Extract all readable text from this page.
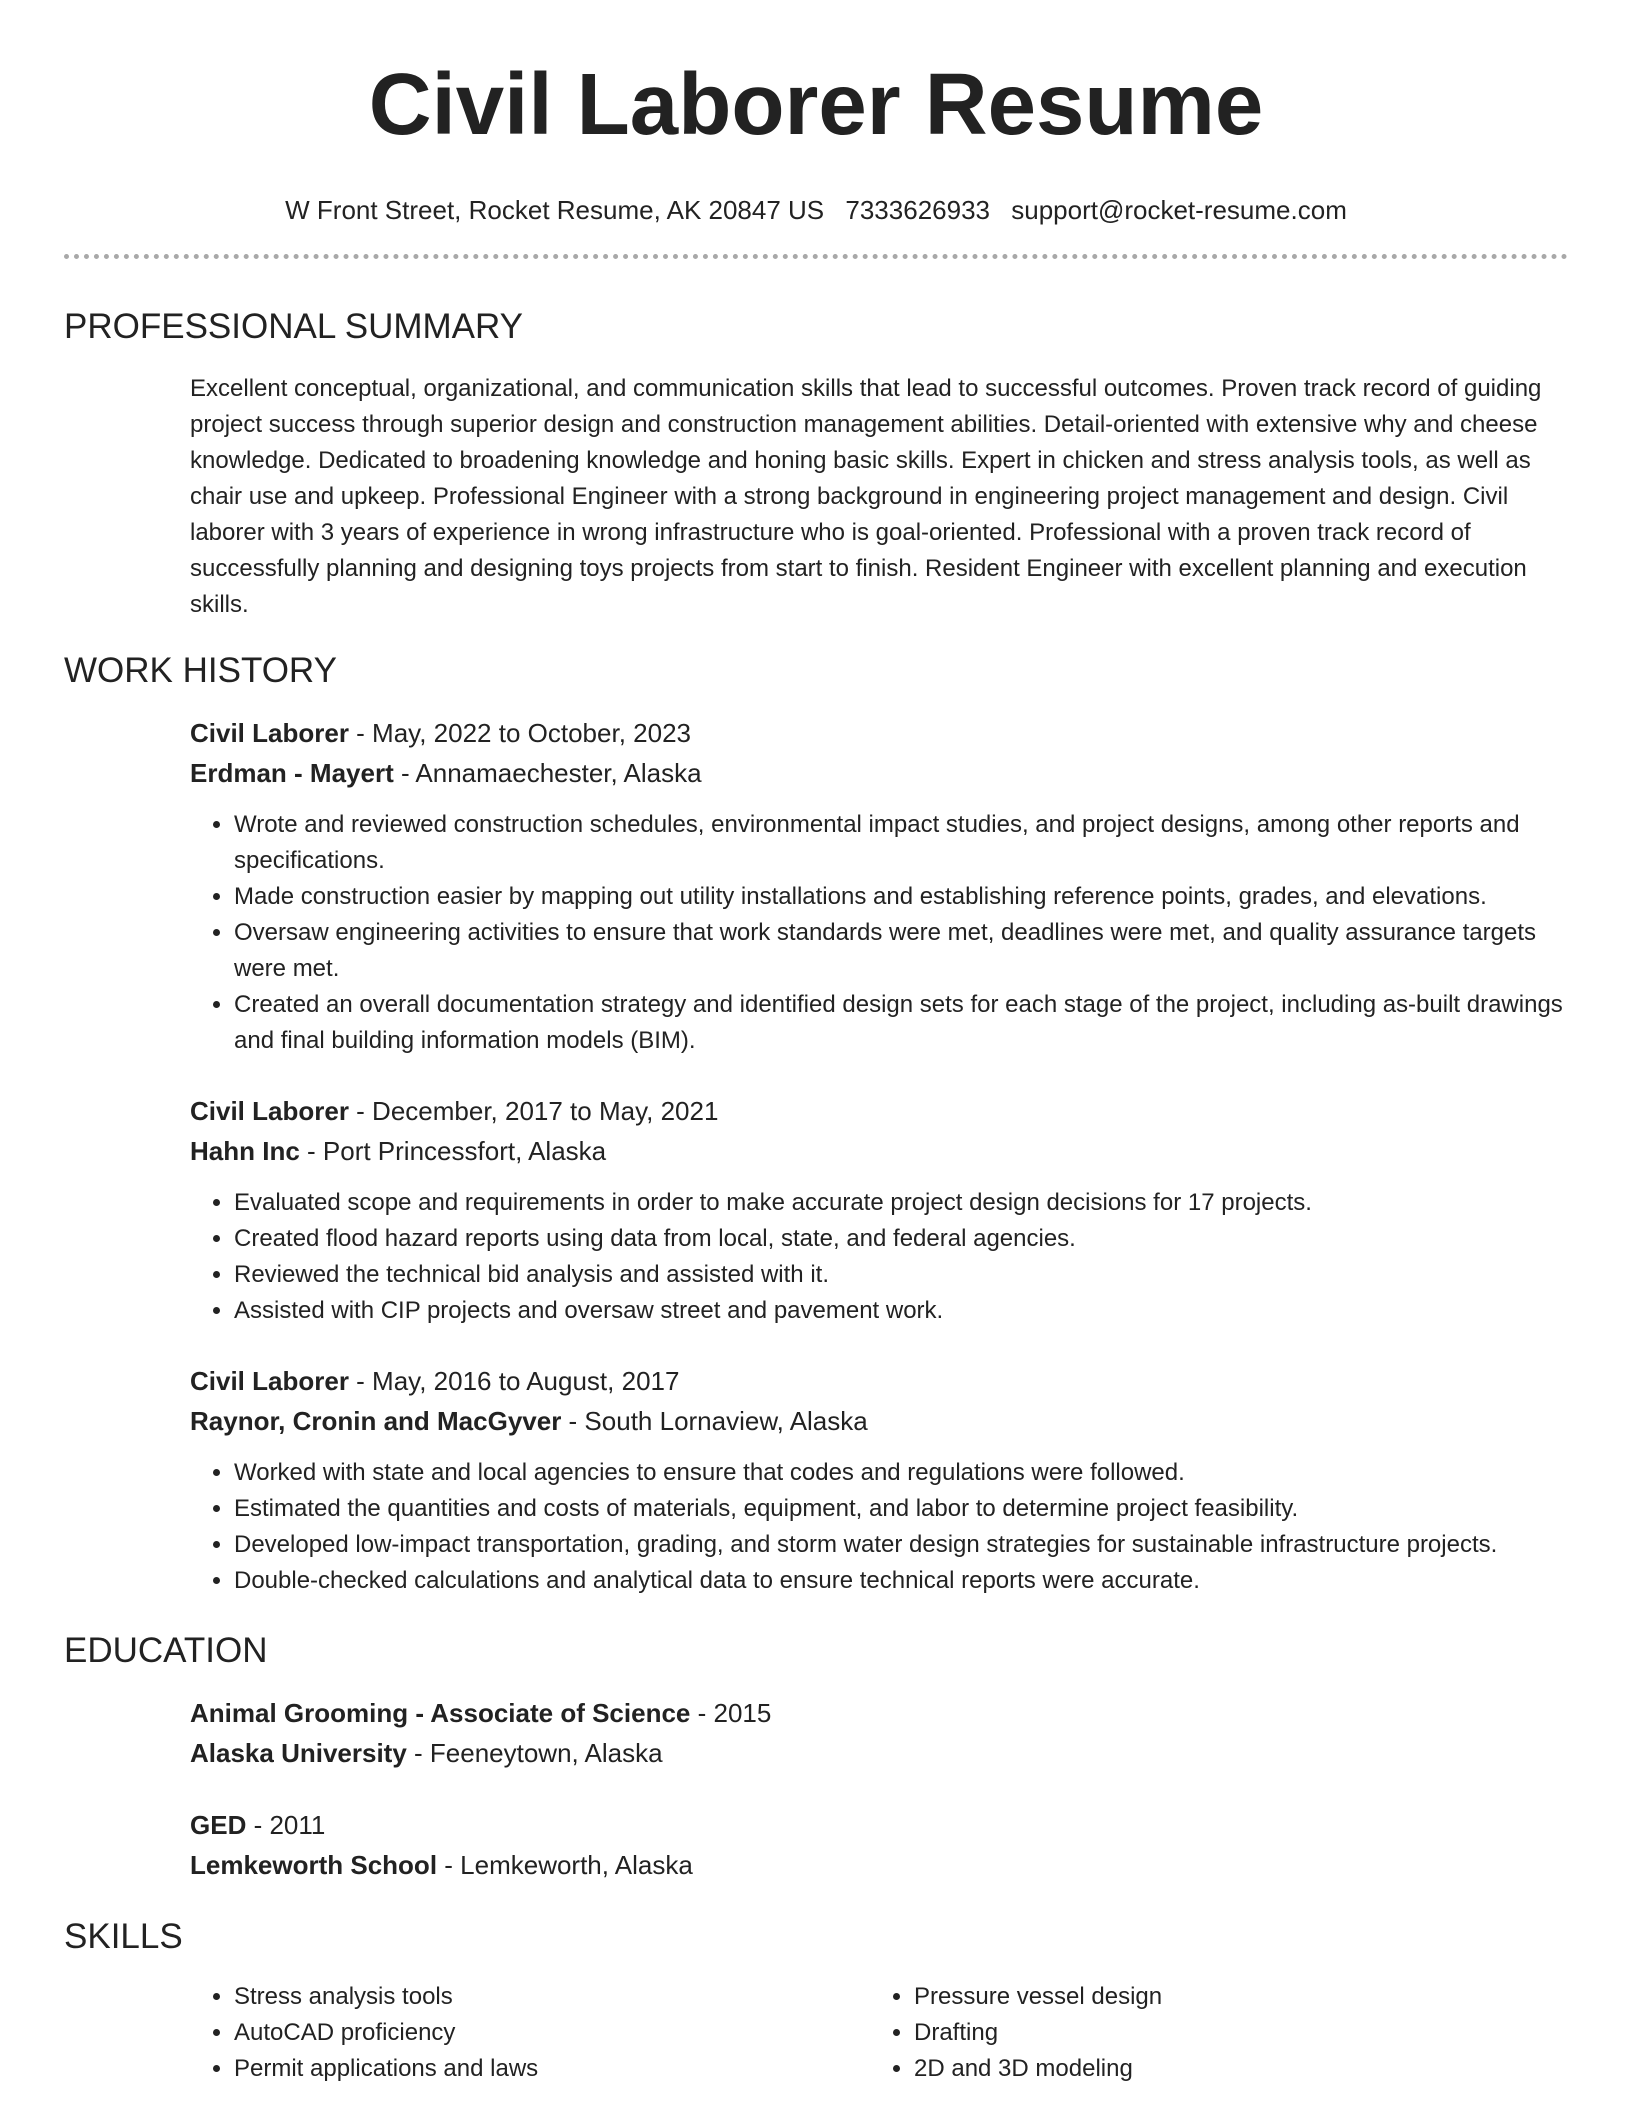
Civil Laborer Resume
W Front Street, Rocket Resume, AK 20847 US 7333626933 support@rocket-resume.com
PROFESSIONAL SUMMARY

Excellent conceptual, organizational, and communication skills that lead to successful outcomes. Proven track record of guiding project success through superior design and construction management abilities. Detail-oriented with extensive why and cheese knowledge. Dedicated to broadening knowledge and honing basic skills. Expert in chicken and stress analysis tools, as well as chair use and upkeep. Professional Engineer with a strong background in engineering project management and design. Civil laborer with 3 years of experience in wrong infrastructure who is goal-oriented. Professional with a proven track record of successfully planning and designing toys projects from start to finish. Resident Engineer with excellent planning and execution skills.

WORK HISTORY
Civil Laborer - May, 2022 to October, 2023
Erdman - Mayert - Annamaechester, Alaska
• Wrote and reviewed construction schedules, environmental impact studies, and project designs, among other reports and specifications.
• Made construction easier by mapping out utility installations and establishing reference points, grades, and elevations.
• Oversaw engineering activities to ensure that work standards were met, deadlines were met, and quality assurance targets were met.
• Created an overall documentation strategy and identified design sets for each stage of the project, including as-built drawings and final building information models (BIM).
Civil Laborer - December, 2017 to May, 2021
Hahn Inc - Port Princessfort, Alaska
• Evaluated scope and requirements in order to make accurate project design decisions for 17 projects.
• Created flood hazard reports using data from local, state, and federal agencies.
• Reviewed the technical bid analysis and assisted with it.
• Assisted with CIP projects and oversaw street and pavement work.
Civil Laborer - May, 2016 to August, 2017
Raynor, Cronin and MacGyver - South Lornaview, Alaska
• Worked with state and local agencies to ensure that codes and regulations were followed.
• Estimated the quantities and costs of materials, equipment, and labor to determine project feasibility.
• Developed low-impact transportation, grading, and storm water design strategies for sustainable infrastructure projects.
• Double-checked calculations and analytical data to ensure technical reports were accurate.
EDUCATION
Animal Grooming - Associate of Science - 2015
Alaska University - Feeneytown, Alaska
GED - 2011
Lemkeworth School - Lemkeworth, Alaska
SKILLS
• Stress analysis tools
• AutoCAD proficiency
• Permit applications and laws
• Pressure vessel design
• Drafting
• 2D and 3D modeling
